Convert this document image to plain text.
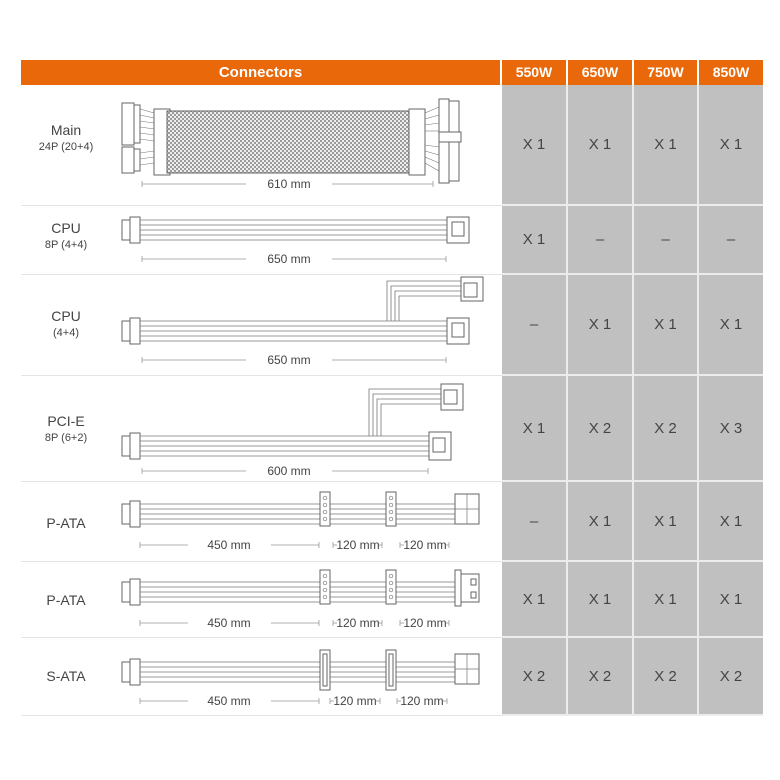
Connectors	550W	650W	750W	850W
Main
24P (20+4)
610 mm
X 1	X 1	X 1	X 1
CPU
8P (4+4)
650 mm
X 1	–	–	–
CPU
(4+4)
650 mm
–	X 1	X 1	X 1
PCI-E
8P (6+2)
600 mm
X 1	X 2	X 2	X 3
P-ATA
450 mm	120 mm 120 mm
–	X 1	X 1	X 1
P-ATA
450 mm	120 mm 120 mm
X 1	X 1	X 1	X 1
S-ATA
450 mm	120 mm 120 mm
X 2	X 2	X 2	X 2
